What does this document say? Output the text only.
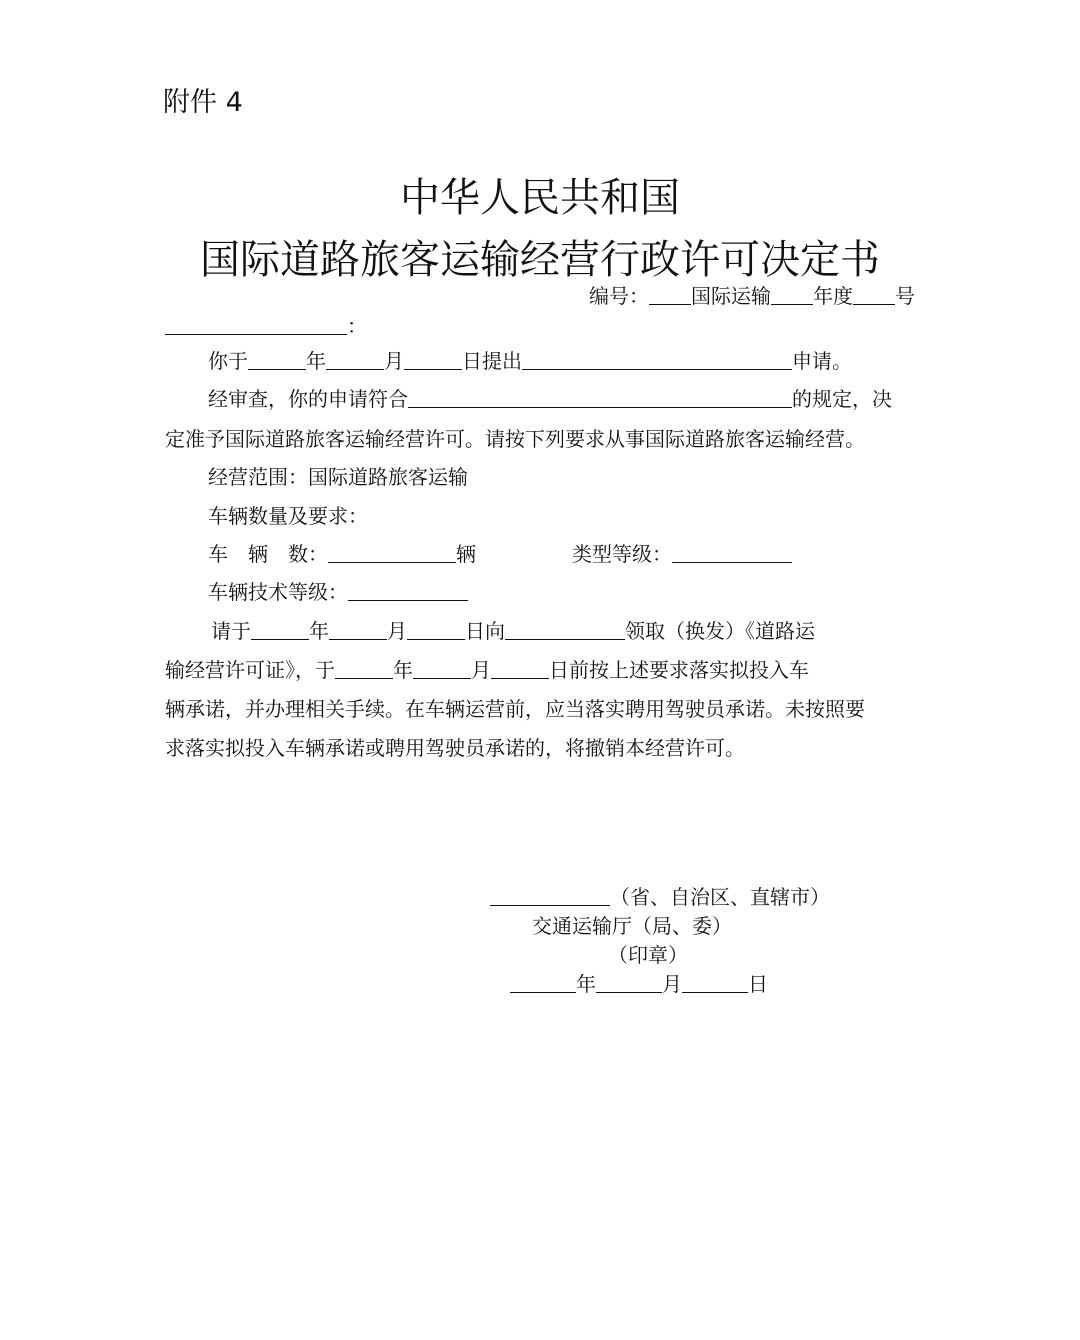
附件 4
中华人民共和国
国际道路旅客运输经营行政许可决定书
编号： 国际运输 年度 号
：
你于	年	月	日提出	申请。
经审查，你的申请符合	的规定，决
定准予国际道路旅客运输经营许可。请按下列要求从事国际道路旅客运输经营。
经营范围：国际道路旅客运输
车辆数量及要求：
车　辆　数：	辆	类型等级：
车辆技术等级：
请于	年	月	日向	领取（换发）《道路运
输经营许可证》，于	年	月	日前按上述要求落实拟投入车
辆承诺，并办理相关手续。在车辆运营前，应当落实聘用驾驶员承诺。未按照要
求落实拟投入车辆承诺或聘用驾驶员承诺的，将撤销本经营许可。
（省、自治区、直辖市）
交通运输厅（局、委）
（印章）
年	月	日
